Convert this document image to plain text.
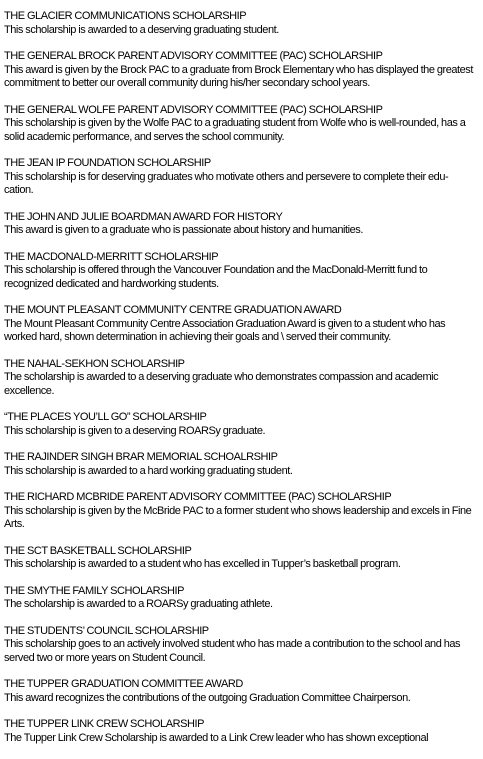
THE GLACIER COMMUNICATIONS SCHOLARSHIP
This scholarship is awarded to a deserving graduating student.
THE GENERAL BROCK PARENT ADVISORY COMMITTEE (PAC) SCHOLARSHIP
This award is given by the Brock PAC to a graduate from Brock Elementary who has displayed the greatest commitment to better our overall community during his/her secondary school years.
THE GENERAL WOLFE PARENT ADVISORY COMMITTEE (PAC) SCHOLARSHIP
This scholarship is given by the Wolfe PAC to a graduating student from Wolfe who is well-rounded, has a solid academic performance, and serves the school community.
THE JEAN IP FOUNDATION SCHOLARSHIP
This scholarship is for deserving graduates who motivate others and persevere to complete their edu-cation.
THE JOHN AND JULIE BOARDMAN AWARD FOR HISTORY
This award is given to a graduate who is passionate about history and humanities.
THE MACDONALD-MERRITT SCHOLARSHIP
This scholarship is offered through the Vancouver Foundation and the MacDonald-Merritt fund to recognized dedicated and hardworking students.
THE MOUNT PLEASANT COMMUNITY CENTRE GRADUATION AWARD
The Mount Pleasant Community Centre Association Graduation Award is given to a student who has worked hard, shown determination in achieving their goals and \ served their community.
THE NAHAL-SEKHON SCHOLARSHIP
The scholarship is awarded to a deserving graduate who demonstrates compassion and academic excellence.
“THE PLACES YOU’LL GO” SCHOLARSHIP
This scholarship is given to a deserving ROARSy graduate.
THE RAJINDER SINGH BRAR MEMORIAL SCHOALRSHIP
This scholarship is awarded to a hard working graduating student.
THE RICHARD MCBRIDE PARENT ADVISORY COMMITTEE (PAC) SCHOLARSHIP
This scholarship is given by the McBride PAC to a former student who shows leadership and excels in Fine Arts.
THE SCT BASKETBALL SCHOLARSHIP
This scholarship is awarded to a student who has excelled in Tupper’s basketball program.
THE SMYTHE FAMILY SCHOLARSHIP
The scholarship is awarded to a ROARSy graduating athlete.
THE STUDENTS’ COUNCIL SCHOLARSHIP
This scholarship goes to an actively involved student who has made a contribution to the school and has served two or more years on Student Council.
THE TUPPER GRADUATION COMMITTEE AWARD
This award recognizes the contributions of the outgoing Graduation Committee Chairperson.
THE TUPPER LINK CREW SCHOLARSHIP
The Tupper Link Crew Scholarship is awarded to a Link Crew leader who has shown exceptional
